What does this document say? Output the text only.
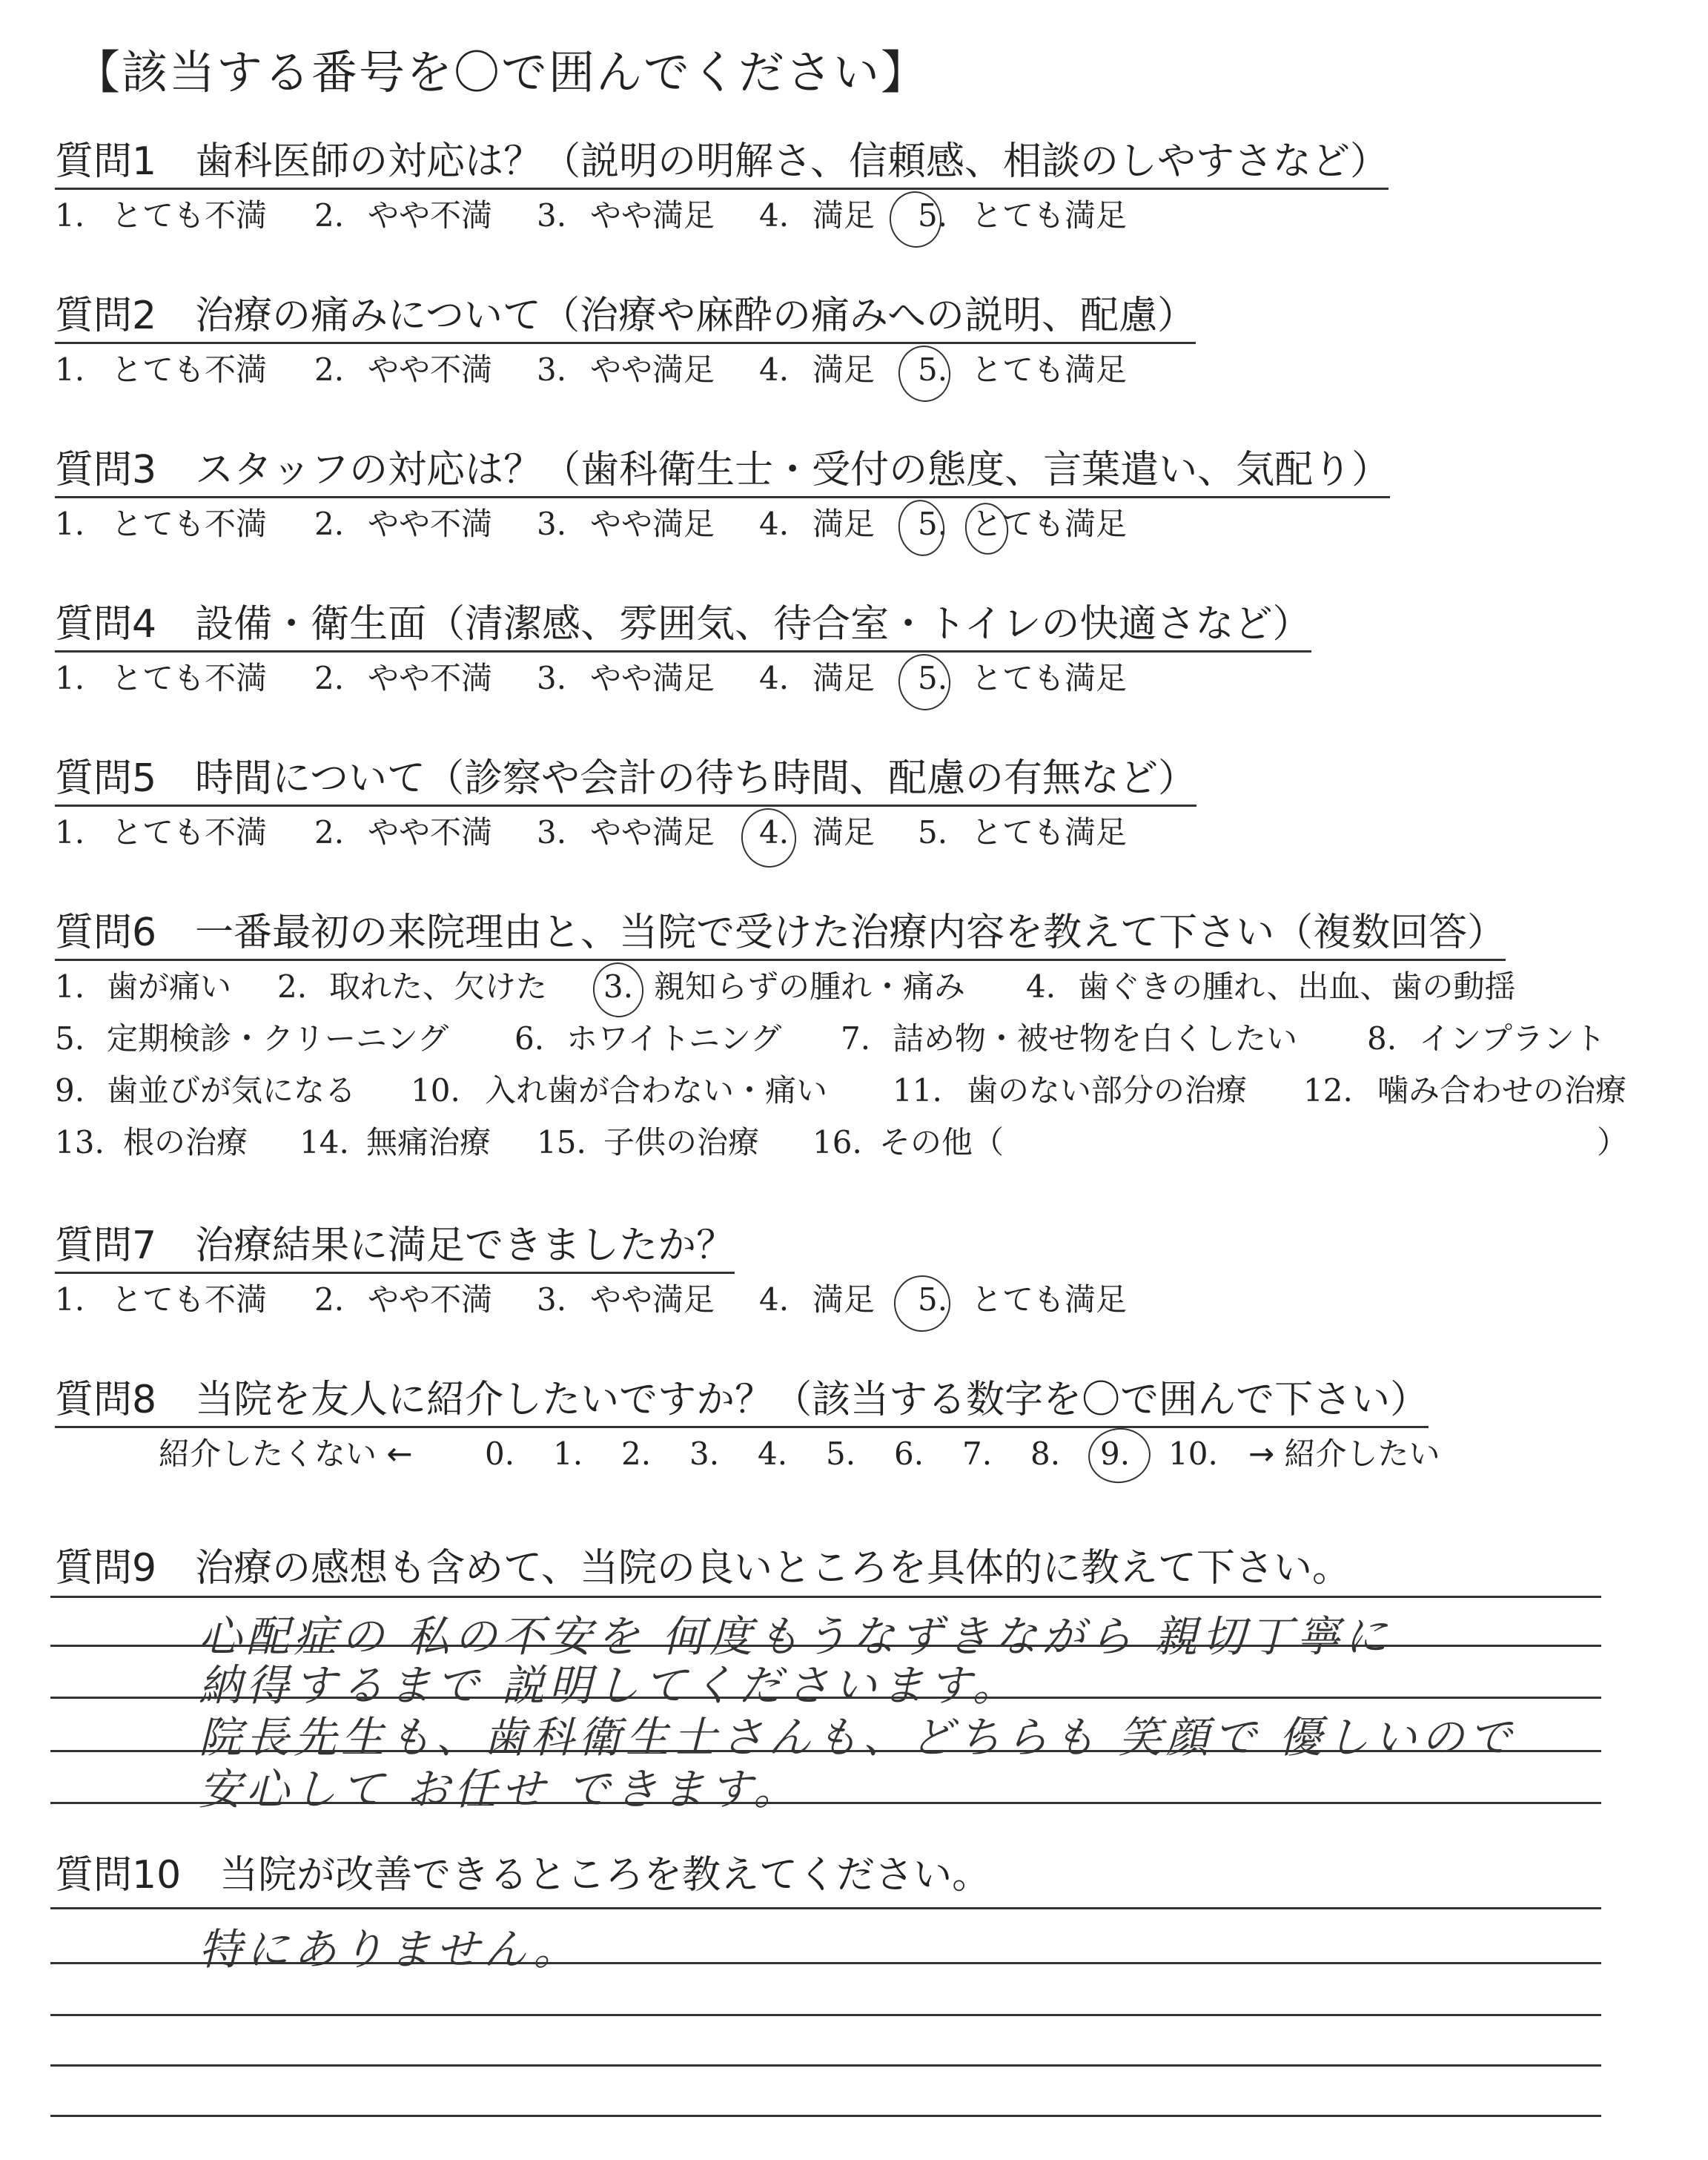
【該当する番号を〇で囲んでください】
質問1　歯科医師の対応は？（説明の明解さ、信頼感、相談のしやすさなど）
1. とても不満 2. やや不満 3. やや満足 4. 満足 5. とても満足
質問2　治療の痛みについて（治療や麻酔の痛みへの説明、配慮）
1. とても不満 2. やや不満 3. やや満足 4. 満足 5. とても満足
質問3　スタッフの対応は？（歯科衛生士・受付の態度、言葉遣い、気配り）
1. とても不満 2. やや不満 3. やや満足 4. 満足 5. とても満足
質問4　設備・衛生面（清潔感、雰囲気、待合室・トイレの快適さなど）
1. とても不満 2. やや不満 3. やや満足 4. 満足 5. とても満足
質問5　時間について（診察や会計の待ち時間、配慮の有無など）
1. とても不満 2. やや不満 3. やや満足 4. 満足 5. とても満足
質問6　一番最初の来院理由と、当院で受けた治療内容を教えて下さい（複数回答）
1. 歯が痛い 2. 取れた、欠けた 3. 親知らずの腫れ・痛み 4. 歯ぐきの腫れ、出血、歯の動揺
5. 定期検診・クリーニング 6. ホワイトニング 7. 詰め物・被せ物を白くしたい 8. インプラント
9. 歯並びが気になる 10. 入れ歯が合わない・痛い 11. 歯のない部分の治療 12. 噛み合わせの治療
13. 根の治療 14. 無痛治療 15. 子供の治療 16. その他（	）
質問7　治療結果に満足できましたか？
1. とても不満 2. やや不満 3. やや満足 4. 満足 5. とても満足
質問8　当院を友人に紹介したいですか？（該当する数字を〇で囲んで下さい）
紹介したくない ← 0. 1. 2. 3. 4. 5. 6. 7. 8. 9. 10. → 紹介したい
質問9　治療の感想も含めて、当院の良いところを具体的に教えて下さい。
心配症の 私の不安を 何度もうなずきながら 親切丁寧に
納得するまで 説明してくださいます。
院長先生も、歯科衛生士さんも、どちらも 笑顔で 優しいので
安心して お任せ できます。
質問10　当院が改善できるところを教えてください。
特にありません。
